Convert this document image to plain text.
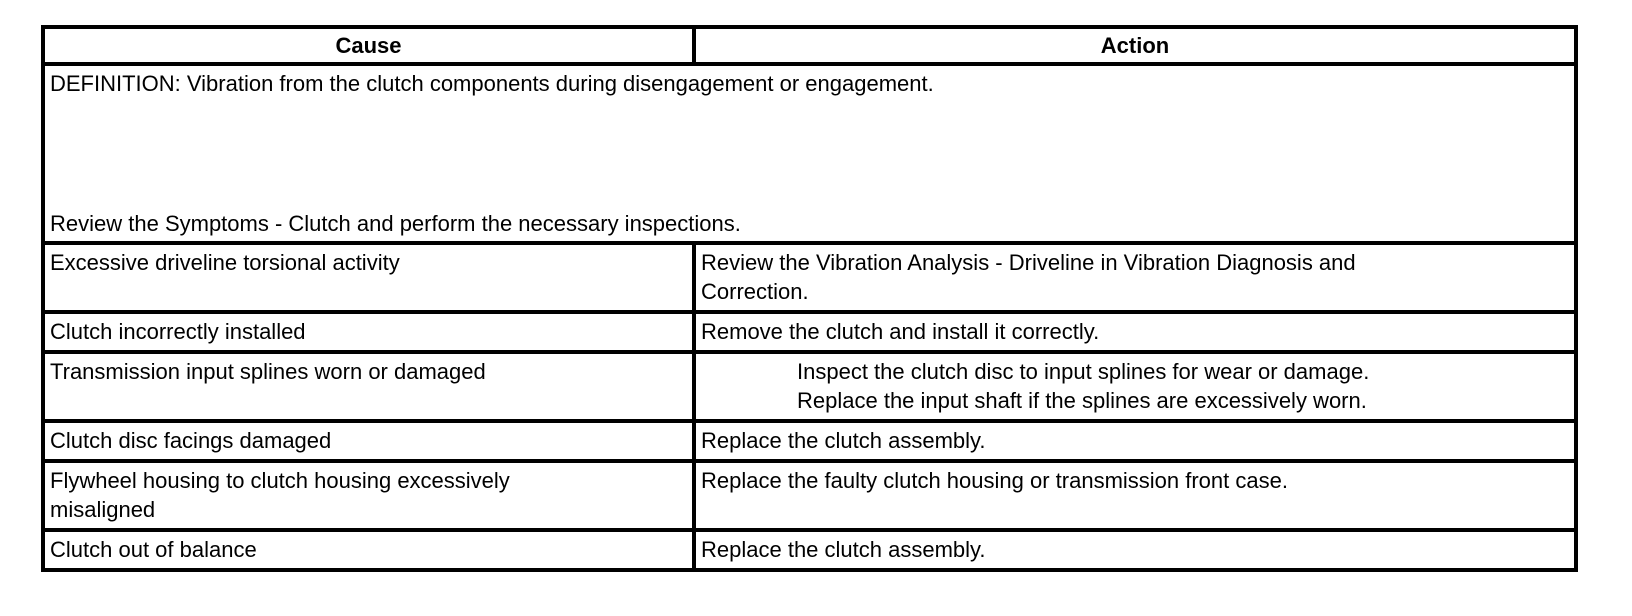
Cause	Action

DEFINITION: Vibration from the clutch components during disengagement or engagement.
Review the Symptoms - Clutch and perform the necessary inspections.	

Excessive driveline torsional activity	Review the Vibration Analysis - Driveline in Vibration Diagnosis and
Correction.
Clutch incorrectly installed	Remove the clutch and install it correctly.
Transmission input splines worn or damaged	Inspect the clutch disc to input splines for wear or damage.
Replace the input shaft if the splines are excessively worn.

Clutch disc facings damaged	Replace the clutch assembly.
Flywheel housing to clutch housing excessively
misaligned	Replace the faulty clutch housing or transmission front case.
Clutch out of balance	Replace the clutch assembly.
